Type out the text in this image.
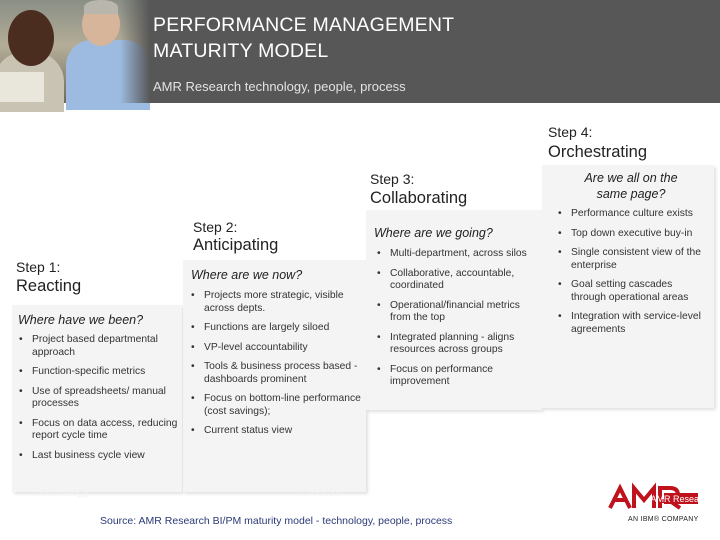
PERFORMANCE MANAGEMENT
MATURITY MODEL
AMR Research technology, people, process
Step 4:
Orchestrating
Are we all on the
same page?
• Performance culture exists
• Top down executive buy-in
• Single consistent view of the enterprise
• Goal setting cascades through operational areas
• Integration with service-level agreements
Step 3:
Collaborating
Where are we going?
• Multi-department, across silos
• Collaborative, accountable, coordinated
• Operational/financial metrics from the top
• Integrated planning - aligns resources across groups
• Focus on performance improvement
Step 2:
Anticipating
Where are we now?
• Projects more strategic, visible across depts.
• Functions are largely siloed
• VP-level accountability
• Tools & business process based - dashboards prominent
• Focus on bottom-line performance (cost savings);
• Current status view
Step 1:
Reacting
Where have we been?
• Project based departmental approach
• Function-specific metrics
• Use of spreadsheets/ manual processes
• Focus on data access, reducing report cycle time
• Last business cycle view
Technology	Process
Source: AMR Research BI/PM maturity model - technology, people, process
AMR Research
AN IBM® COMPANY
